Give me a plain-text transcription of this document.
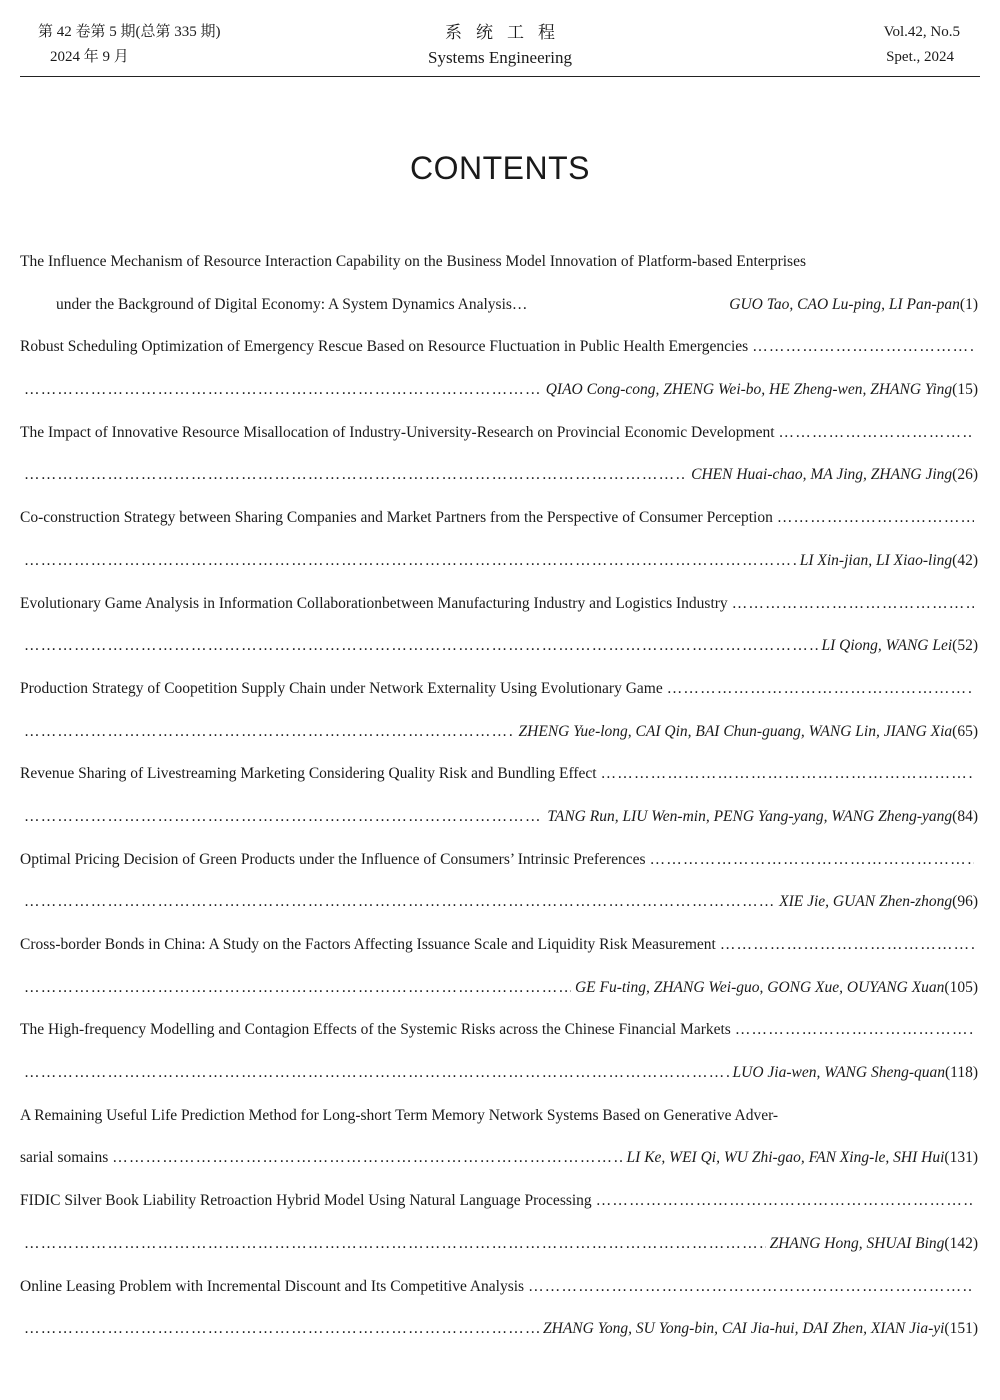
第 42 卷第 5 期(总第 335 期)
2024 年 9 月
系统工程
Systems Engineering
Vol.42, No.5
Spet., 2024
CONTENTS
The Influence Mechanism of Resource Interaction Capability on the Business Model Innovation of Platform-based Enterprises
under the Background of Digital Economy: A System Dynamics Analysis…	GUO Tao, CAO Lu-ping, LI Pan-pan (1)
Robust Scheduling Optimization of Emergency Rescue Based on Resource Fluctuation in Public Health Emergencies
…………………………………………………………………………………………………………………………………………………………………………
…………………………………………………………………………………………………………………………………………………………………………
QIAO Cong-cong, ZHENG Wei-bo, HE Zheng-wen, ZHANG Ying (15)
The Impact of Innovative Resource Misallocation of Industry-University-Research on Provincial Economic Development
…………………………………………………………………………………………………………………………………………………………………………
…………………………………………………………………………………………………………………………………………………………………………
CHEN Huai-chao, MA Jing, ZHANG Jing (26)
Co-construction Strategy between Sharing Companies and Market Partners from the Perspective of Consumer Perception
…………………………………………………………………………………………………………………………………………………………………………
…………………………………………………………………………………………………………………………………………………………………………
LI Xin-jian, LI Xiao-ling (42)
Evolutionary Game Analysis in Information Collaborationbetween Manufacturing Industry and Logistics Industry
…………………………………………………………………………………………………………………………………………………………………………
…………………………………………………………………………………………………………………………………………………………………………
LI Qiong, WANG Lei (52)
Production Strategy of Coopetition Supply Chain under Network Externality Using Evolutionary Game
…………………………………………………………………………………………………………………………………………………………………………
…………………………………………………………………………………………………………………………………………………………………………
ZHENG Yue-long, CAI Qin, BAI Chun-guang, WANG Lin, JIANG Xia (65)
Revenue Sharing of Livestreaming Marketing Considering Quality Risk and Bundling Effect
…………………………………………………………………………………………………………………………………………………………………………
…………………………………………………………………………………………………………………………………………………………………………
TANG Run, LIU Wen-min, PENG Yang-yang, WANG Zheng-yang (84)
Optimal Pricing Decision of Green Products under the Influence of Consumers’ Intrinsic Preferences
…………………………………………………………………………………………………………………………………………………………………………
…………………………………………………………………………………………………………………………………………………………………………
XIE Jie, GUAN Zhen-zhong (96)
Cross-border Bonds in China: A Study on the Factors Affecting Issuance Scale and Liquidity Risk Measurement
…………………………………………………………………………………………………………………………………………………………………………
…………………………………………………………………………………………………………………………………………………………………………
GE Fu-ting, ZHANG Wei-guo, GONG Xue, OUYANG Xuan (105)
The High-frequency Modelling and Contagion Effects of the Systemic Risks across the Chinese Financial Markets
…………………………………………………………………………………………………………………………………………………………………………
…………………………………………………………………………………………………………………………………………………………………………
LUO Jia-wen, WANG Sheng-quan (118)
A Remaining Useful Life Prediction Method for Long-short Term Memory Network Systems Based on Generative Adver-
sarial somains
…………………………………………………………………………………………………………………………………………………………………………	LI Ke, WEI Qi, WU Zhi-gao, FAN Xing-le, SHI Hui (131)
FIDIC Silver Book Liability Retroaction Hybrid Model Using Natural Language Processing
…………………………………………………………………………………………………………………………………………………………………………
…………………………………………………………………………………………………………………………………………………………………………
ZHANG Hong, SHUAI Bing (142)
Online Leasing Problem with Incremental Discount and Its Competitive Analysis
…………………………………………………………………………………………………………………………………………………………………………
…………………………………………………………………………………………………………………………………………………………………………
ZHANG Yong, SU Yong-bin, CAI Jia-hui, DAI Zhen, XIAN Jia-yi (151)
